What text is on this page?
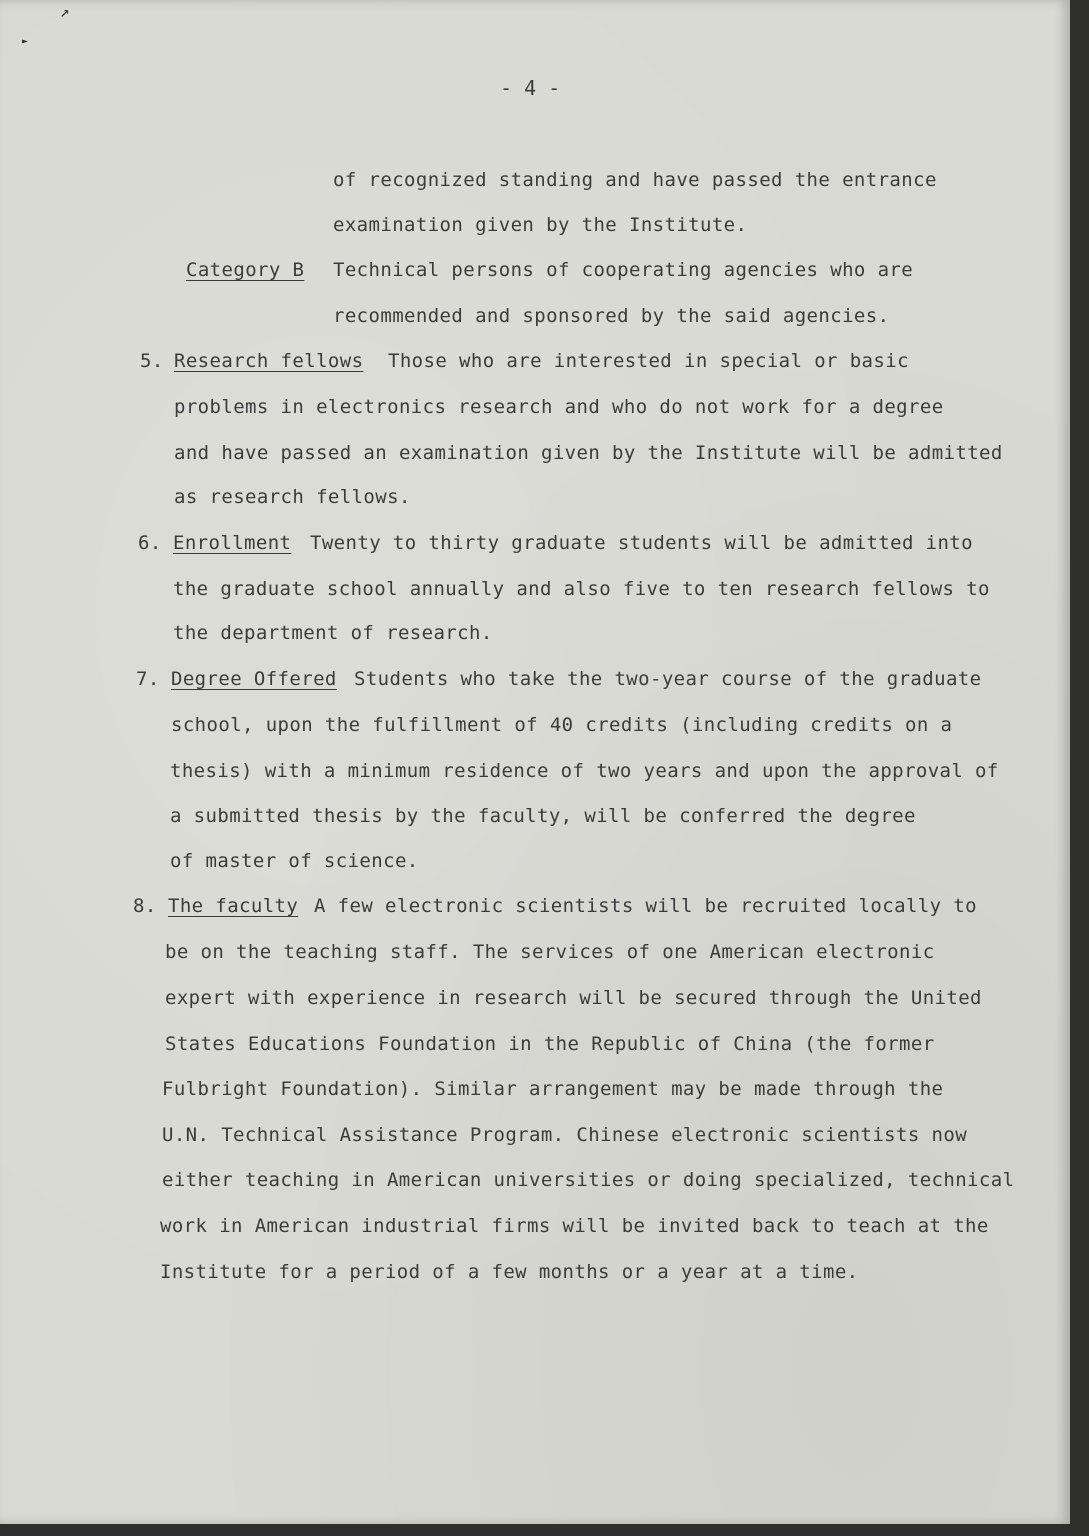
↗
►
- 4 -
of recognized standing and have passed the entrance
examination given by the Institute.
Category B Technical persons of cooperating agencies who are
recommended and sponsored by the said agencies.
5. Research fellows Those who are interested in special or basic
problems in electronics research and who do not work for a degree
and have passed an examination given by the Institute will be admitted
as research fellows.
6. Enrollment Twenty to thirty graduate students will be admitted into
the graduate school annually and also five to ten research fellows to
the department of research.
7. Degree Offered Students who take the two-year course of the graduate
school, upon the fulfillment of 40 credits (including credits on a
thesis) with a minimum residence of two years and upon the approval of
a submitted thesis by the faculty, will be conferred the degree
of master of science.
8. The faculty A few electronic scientists will be recruited locally to
be on the teaching staff. The services of one American electronic
expert with experience in research will be secured through the United
States Educations Foundation in the Republic of China (the former
Fulbright Foundation). Similar arrangement may be made through the
U.N. Technical Assistance Program. Chinese electronic scientists now
either teaching in American universities or doing specialized, technical
work in American industrial firms will be invited back to teach at the
Institute for a period of a few months or a year at a time.
